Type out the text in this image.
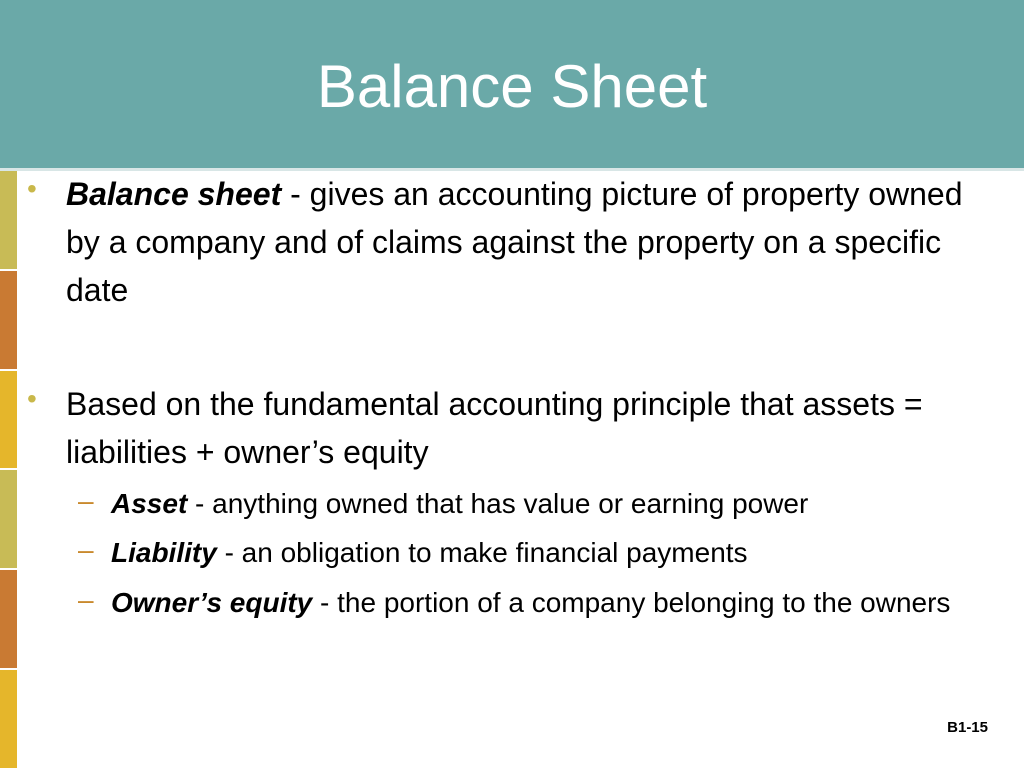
Balance Sheet
• Balance sheet - gives an accounting picture of property owned by a company and of claims against the property on a specific date
• Based on the fundamental accounting principle that assets = liabilities + owner’s equity
– Asset - anything owned that has value or earning power
– Liability - an obligation to make financial payments
– Owner’s equity - the portion of a company belonging to the owners
B1-15
